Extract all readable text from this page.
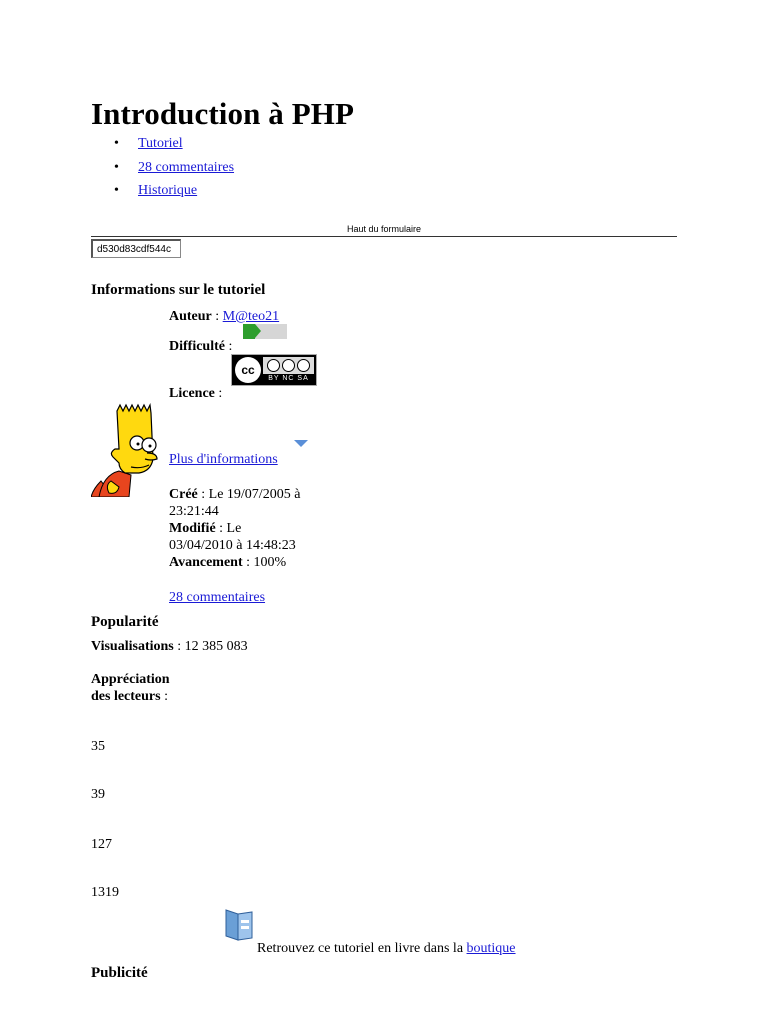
Introduction à PHP
• Tutoriel
• 28 commentaires
• Historique
Haut du formulaire
d530d83cdf544c
Informations sur le tutoriel
Auteur : M@teo21
Difficulté :
cc
BY NC SA
Licence :
Plus d'informations
Créé : Le 19/07/2005 à
23:21:44
Modifié : Le
03/04/2010 à 14:48:23
Avancement : 100%
28 commentaires
Popularité
Visualisations : 12 385 083
Appréciation
des lecteurs :
35
39
127
1319
Retrouvez ce tutoriel en livre dans la boutique
Publicité
